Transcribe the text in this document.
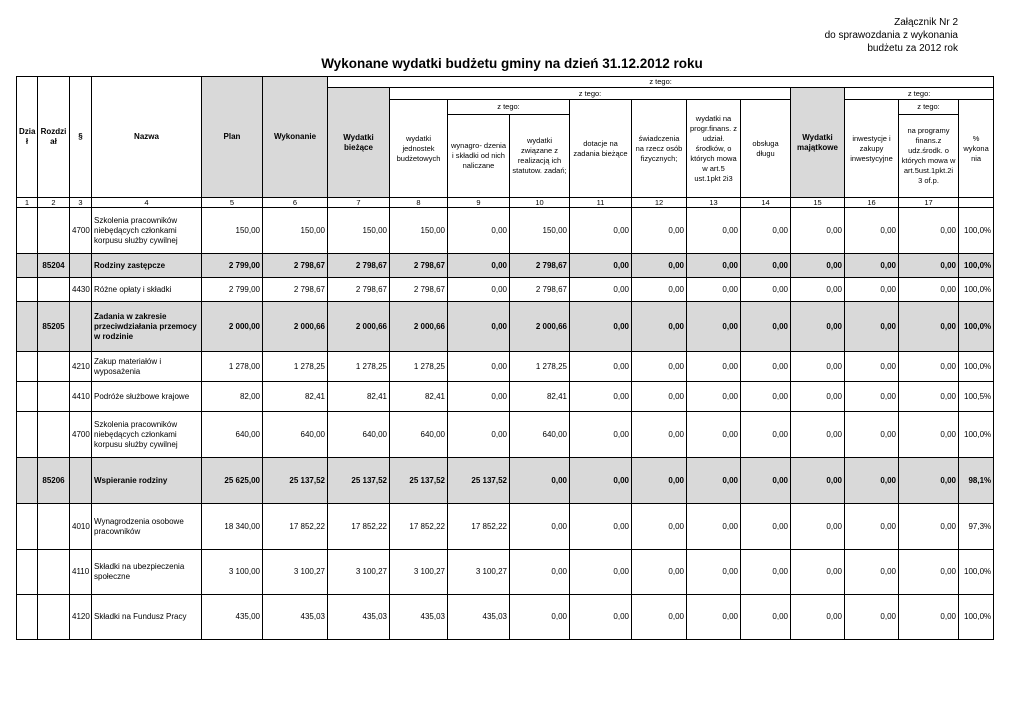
Załącznik Nr 2
do sprawozdania z wykonania
budżetu za 2012 rok
Wykonane wydatki budżetu gminy na dzień 31.12.2012 roku
Dzia ł	Rozdzi ał	§	Nazwa	Plan	Wykonanie	z tego:											
						Wydatki bieżące	z tego:							Wydatki majątkowe	z tego:		
							wydatki jednostek budżetowych	z tego:		dotacje na zadania bieżące	świadczenia na rzecz osób fizycznych;	wydatki na progr.finans. z udział. środków, o których mowa w art.5 ust.1pkt 2i3	obsługa długu		inwestycje i zakupy inwestycyjne	z tego:	% wykona nia
								wynagro- dzenia i składki od nich naliczane	wydatki związane z realizacją ich statutow. zadań;							na programy finans.z udz.środk. o których mowa w art.5ust.1pkt.2i 3 of.p.	
1	2	3	4	5	6	7	8	9	10	11	12	13	14	15	16	17	
		4700	Szkolenia pracowników niebędących członkami korpusu służby cywilnej	150,00	150,00	150,00	150,00	0,00	150,00	0,00	0,00	0,00	0,00	0,00	0,00	0,00	100,0%
	85204		Rodziny zastępcze	2 799,00	2 798,67	2 798,67	2 798,67	0,00	2 798,67	0,00	0,00	0,00	0,00	0,00	0,00	0,00	100,0%
		4430	Różne opłaty i składki	2 799,00	2 798,67	2 798,67	2 798,67	0,00	2 798,67	0,00	0,00	0,00	0,00	0,00	0,00	0,00	100,0%
	85205		Zadania w zakresie przeciwdziałania przemocy w rodzinie	2 000,00	2 000,66	2 000,66	2 000,66	0,00	2 000,66	0,00	0,00	0,00	0,00	0,00	0,00	0,00	100,0%
		4210	Zakup materiałów i wyposażenia	1 278,00	1 278,25	1 278,25	1 278,25	0,00	1 278,25	0,00	0,00	0,00	0,00	0,00	0,00	0,00	100,0%
		4410	Podróże służbowe krajowe	82,00	82,41	82,41	82,41	0,00	82,41	0,00	0,00	0,00	0,00	0,00	0,00	0,00	100,5%
		4700	Szkolenia pracowników niebędących członkami korpusu służby cywilnej	640,00	640,00	640,00	640,00	0,00	640,00	0,00	0,00	0,00	0,00	0,00	0,00	0,00	100,0%
	85206		Wspieranie rodziny	25 625,00	25 137,52	25 137,52	25 137,52	25 137,52	0,00	0,00	0,00	0,00	0,00	0,00	0,00	0,00	98,1%
		4010	Wynagrodzenia osobowe pracowników	18 340,00	17 852,22	17 852,22	17 852,22	17 852,22	0,00	0,00	0,00	0,00	0,00	0,00	0,00	0,00	97,3%
		4110	Składki na ubezpieczenia społeczne	3 100,00	3 100,27	3 100,27	3 100,27	3 100,27	0,00	0,00	0,00	0,00	0,00	0,00	0,00	0,00	100,0%
		4120	Składki na Fundusz Pracy	435,00	435,03	435,03	435,03	435,03	0,00	0,00	0,00	0,00	0,00	0,00	0,00	0,00	100,0%
